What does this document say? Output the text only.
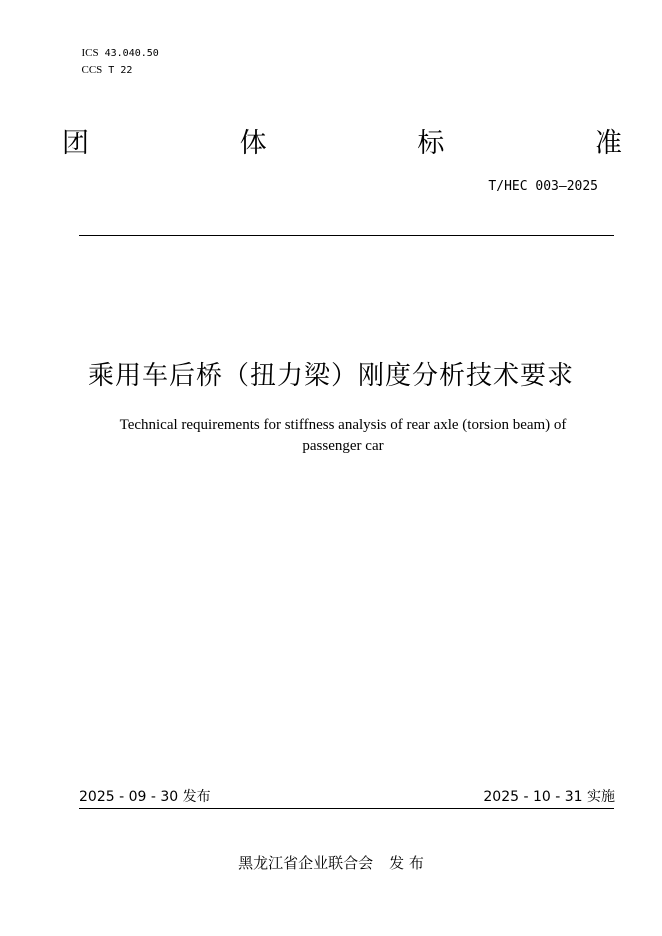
ICS 43.040.50

CCS T 22

团	体	标	准
T/HEC 003—2025
乘用车后桥（扭力梁）刚度分析技术要求
Technical requirements for stiffness analysis of rear axle (torsion beam) of
passenger car
2025 - 09 - 30 发布	2025 - 10 - 31 实施
黑龙江省企业联合会 发 布
